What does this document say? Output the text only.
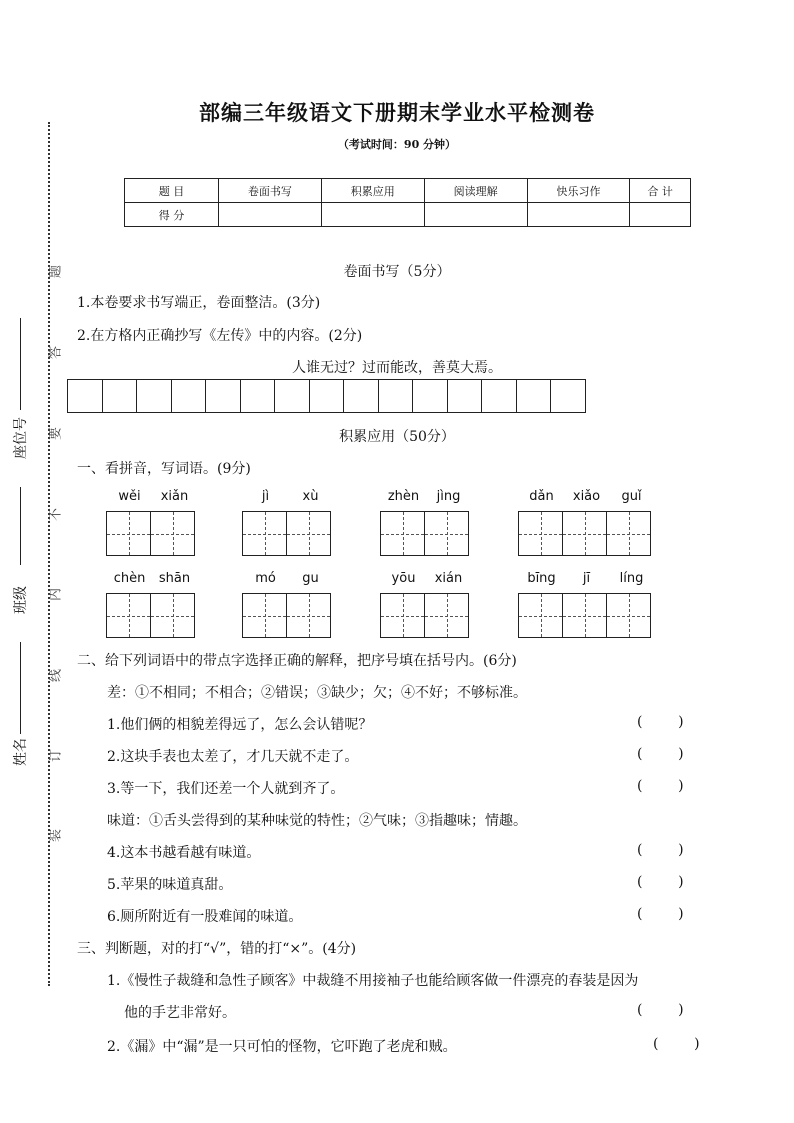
题
答
要
不
内
线
订
装
座位号
班级
姓名
部编三年级语文下册期末学业水平检测卷
（考试时间：90 分钟）
题 目	卷面书写	积累应用	阅读理解	快乐习作	合 计
得 分					
卷面书写（5分）
1.本卷要求书写端正，卷面整洁。(3分)
2.在方格内正确抄写《左传》中的内容。(2分)
人谁无过？过而能改，善莫大焉。
积累应用（50分）
一、看拼音，写词语。(9分)
wěi	xiǎn	jì	xù	zhèn	jìng	dǎn	xiǎo	guǐ
chèn	shān	mó	gu	yōu	xián	bīng	jī	líng
二、给下列词语中的带点字选择正确的解释，把序号填在括号内。(6分)
差：①不相同；不相合；②错误；③缺少；欠；④不好；不够标准。
1.他们俩的相貌差得远了，怎么会认错呢？	(        )
2.这块手表也太差了，才几天就不走了。	(        )
3.等一下，我们还差一个人就到齐了。	(        )
味道：①舌头尝得到的某种味觉的特性；②气味；③指趣味；情趣。
4.这本书越看越有味道。	(        )
5.苹果的味道真甜。	(        )
6.厕所附近有一股难闻的味道。	(        )
三、判断题，对的打“√”，错的打“×”。(4分)
1.《慢性子裁缝和急性子顾客》中裁缝不用接袖子也能给顾客做一件漂亮的春装是因为
他的手艺非常好。	(        )
2.《漏》中“漏”是一只可怕的怪物，它吓跑了老虎和贼。	(        )
